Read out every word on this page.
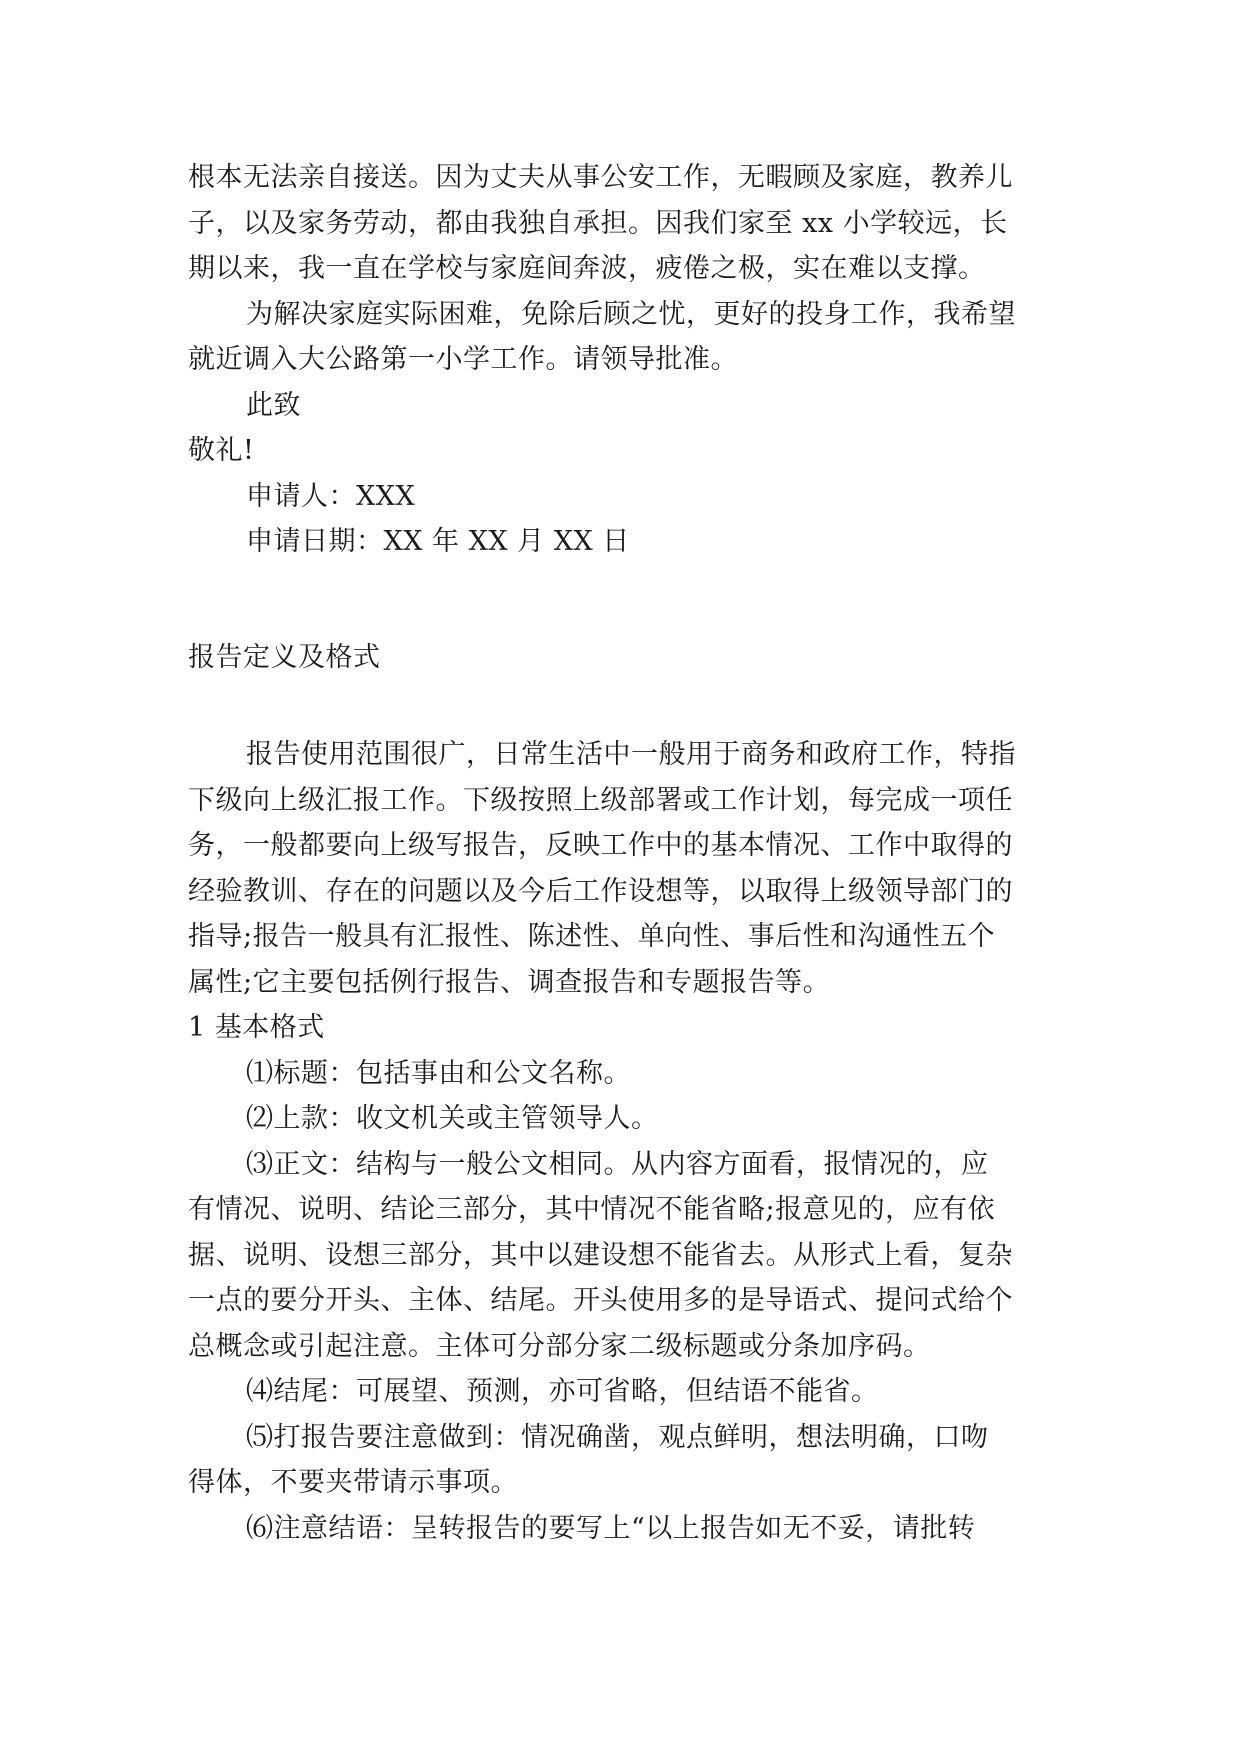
根本无法亲自接送。因为丈夫从事公安工作，无暇顾及家庭，教养儿
子，以及家务劳动，都由我独自承担。因我们家至 xx 小学较远，长
期以来，我一直在学校与家庭间奔波，疲倦之极，实在难以支撑。
为解决家庭实际困难，免除后顾之忧，更好的投身工作，我希望
就近调入大公路第一小学工作。请领导批准。
此致
敬礼!
申请人：XXX
申请日期：XX 年 XX 月 XX 日
报告定义及格式
报告使用范围很广，日常生活中一般用于商务和政府工作，特指
下级向上级汇报工作。下级按照上级部署或工作计划，每完成一项任
务，一般都要向上级写报告，反映工作中的基本情况、工作中取得的
经验教训、存在的问题以及今后工作设想等，以取得上级领导部门的
指导;报告一般具有汇报性、陈述性、单向性、事后性和沟通性五个
属性;它主要包括例行报告、调查报告和专题报告等。
1 基本格式
⑴标题：包括事由和公文名称。
⑵上款：收文机关或主管领导人。
⑶正文：结构与一般公文相同。从内容方面看，报情况的，应
有情况、说明、结论三部分，其中情况不能省略;报意见的，应有依
据、说明、设想三部分，其中以建设想不能省去。从形式上看，复杂
一点的要分开头、主体、结尾。开头使用多的是导语式、提问式给个
总概念或引起注意。主体可分部分家二级标题或分条加序码。
⑷结尾：可展望、预测，亦可省略，但结语不能省。
⑸打报告要注意做到：情况确凿，观点鲜明，想法明确，口吻
得体，不要夹带请示事项。
⑹注意结语：呈转报告的要写上“以上报告如无不妥，请批转
